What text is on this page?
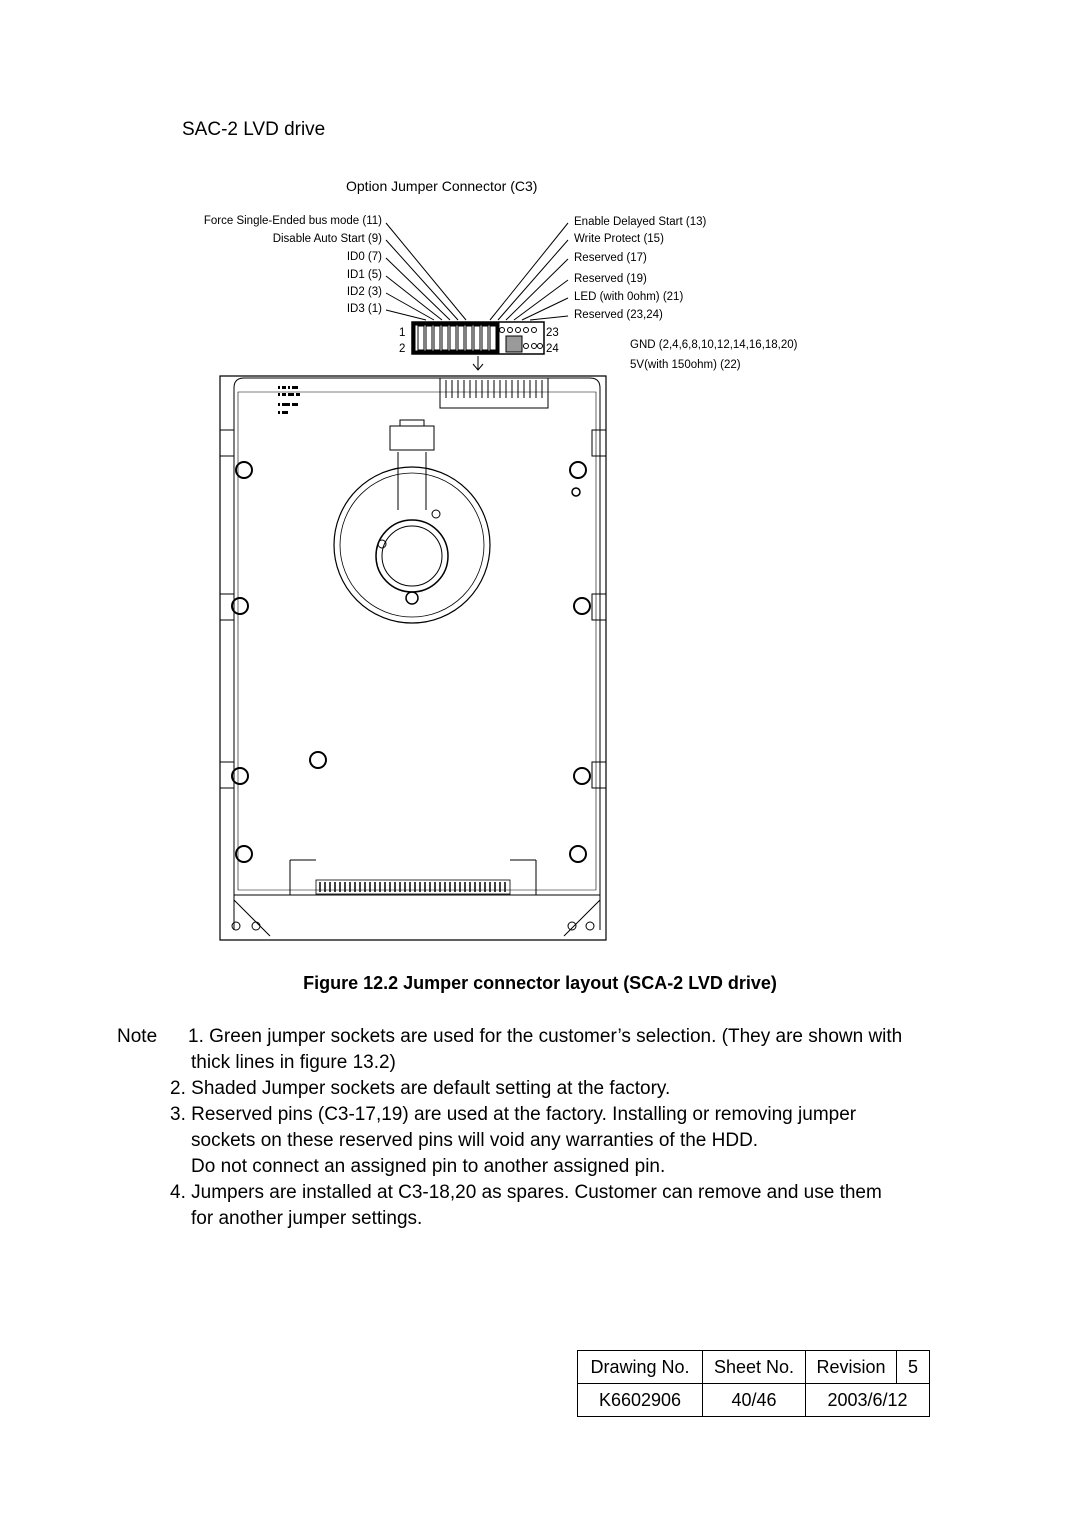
SAC-2 LVD drive
Option Jumper Connector (C3)
Force Single-Ended bus mode (11)
Disable Auto Start (9)
ID0 (7)
ID1 (5)
ID2 (3)
ID3 (1)
Enable Delayed Start (13)
Write Protect (15)
Reserved (17)
Reserved (19)
LED (with 0ohm) (21)
Reserved (23,24)
GND (2,4,6,8,10,12,14,16,18,20)
5V(with 150ohm) (22)
1
2
23
24
Figure 12.2 Jumper connector layout (SCA-2 LVD drive)
Note	1.
Green jumper sockets are used for the customer’s selection. (They are shown with
thick lines in figure 13.2)
2.
Shaded Jumper sockets are default setting at the factory.
3.
Reserved pins (C3-17,19) are used at the factory. Installing or removing jumper
sockets on these reserved pins will void any warranties of the HDD.
Do not connect an assigned pin to another assigned pin.
4.
Jumpers are installed at C3-18,20 as spares. Customer can remove and use them
for another jumper settings.
Drawing No.	Sheet No.	Revision	5
K6602906	40/46	2003/6/12	
